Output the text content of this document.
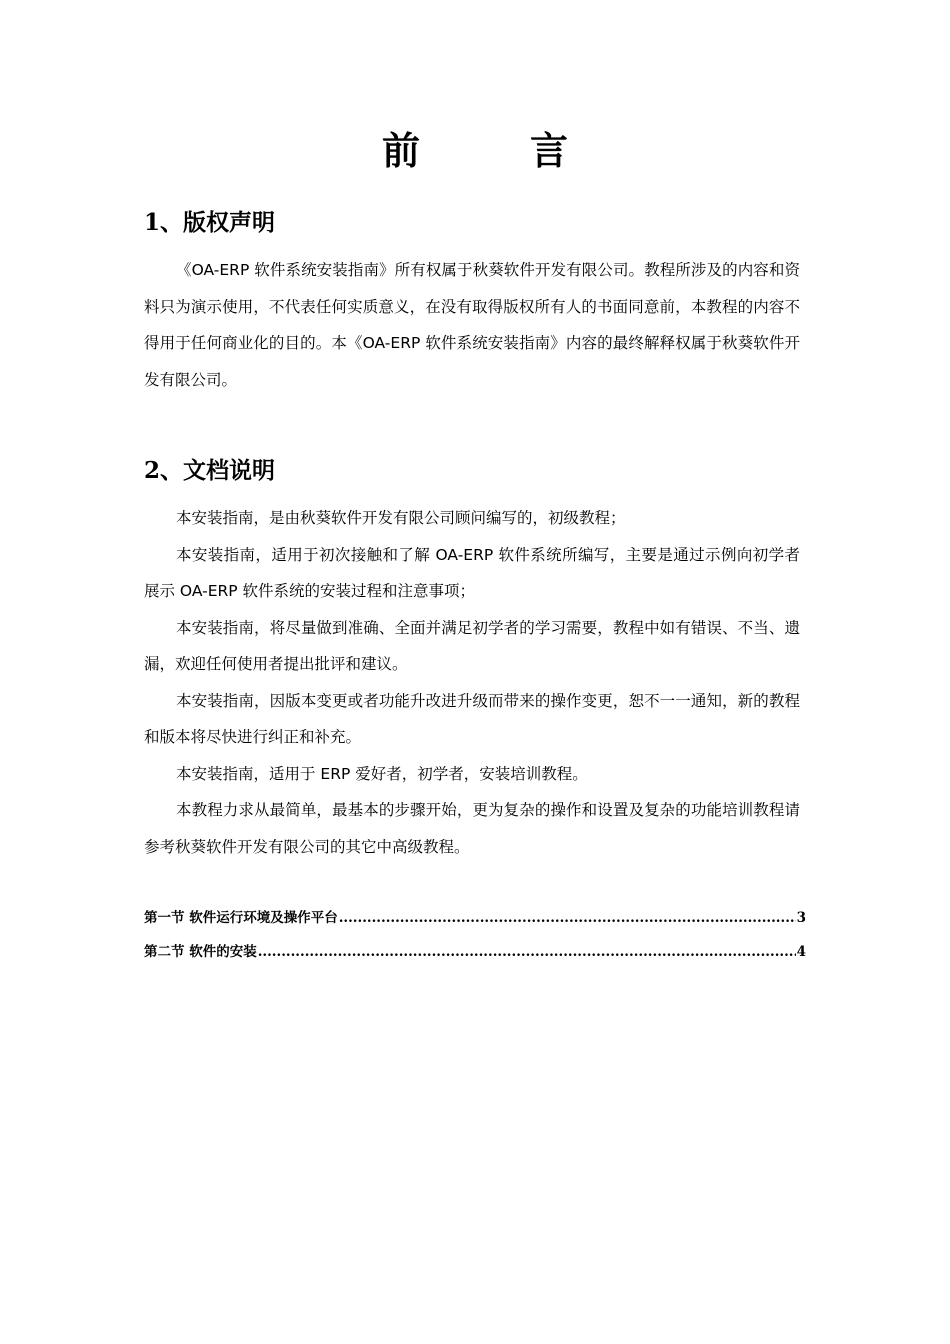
前　言
1、版权声明

《OA-ERP 软件系统安装指南》所有权属于秋葵软件开发有限公司。教程所涉及的内容和资料只为演示使用，不代表任何实质意义，在没有取得版权所有人的书面同意前，本教程的内容不得用于任何商业化的目的。本《OA-ERP 软件系统安装指南》内容的最终解释权属于秋葵软件开发有限公司。

2、文档说明

本安装指南，是由秋葵软件开发有限公司顾问编写的，初级教程；

本安装指南，适用于初次接触和了解 OA-ERP 软件系统所编写，主要是通过示例向初学者展示 OA-ERP 软件系统的安装过程和注意事项；

本安装指南，将尽量做到准确、全面并满足初学者的学习需要，教程中如有错误、不当、遗漏，欢迎任何使用者提出批评和建议。

本安装指南，因版本变更或者功能升改进升级而带来的操作变更，恕不一一通知，新的教程和版本将尽快进行纠正和补充。

本安装指南，适用于 ERP 爱好者，初学者，安装培训教程。

本教程力求从最简单，最基本的步骤开始，更为复杂的操作和设置及复杂的功能培训教程请参考秋葵软件开发有限公司的其它中高级教程。

第一节 软件运行环境及操作平台 .....	3
第二节 软件的安装 .....	4
